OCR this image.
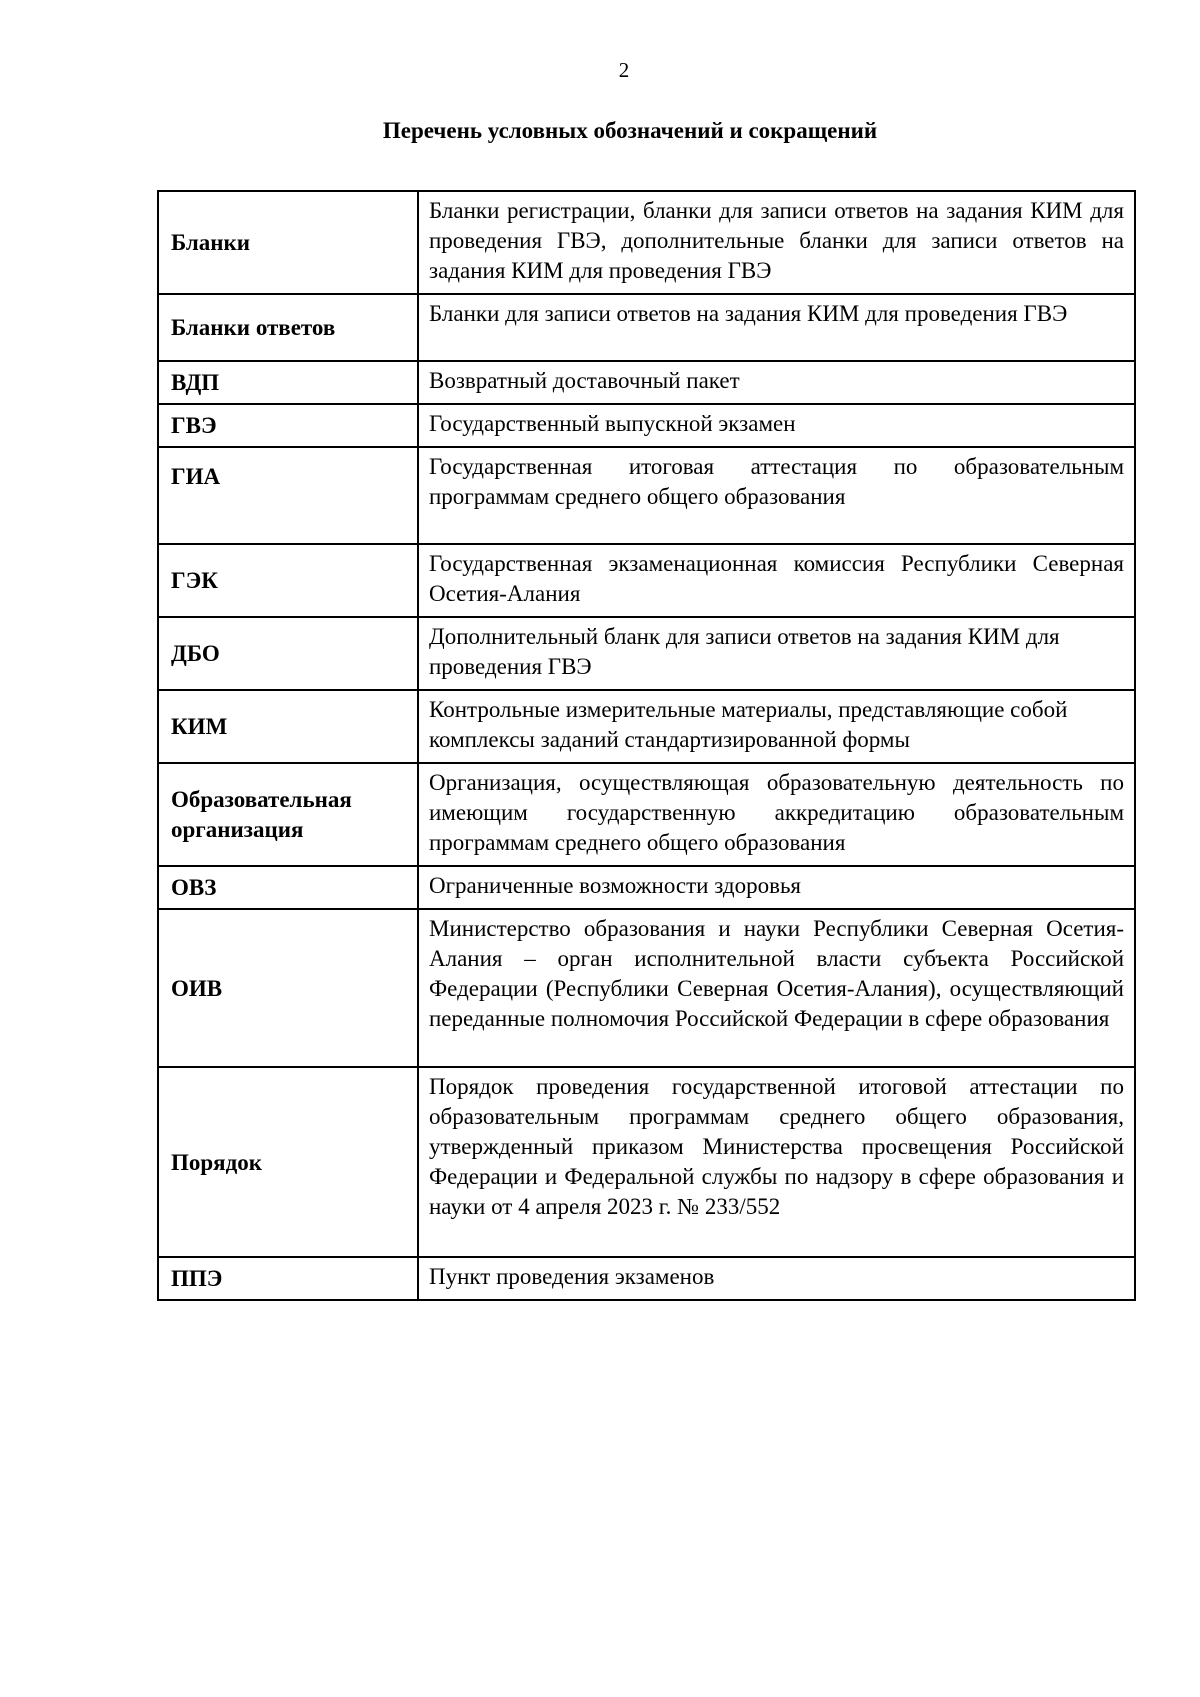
2
Перечень условных обозначений и сокращений
Бланки	Бланки регистрации, бланки для записи ответов на задания КИМ для проведения ГВЭ, дополнительные бланки для записи ответов на задания КИМ для проведения ГВЭ
Бланки ответов	Бланки для записи ответов на задания КИМ для проведения ГВЭ
ВДП	Возвратный доставочный пакет
ГВЭ	Государственный выпускной экзамен
ГИА	Государственная итоговая аттестация по образовательным программам среднего общего образования
ГЭК	Государственная экзаменационная комиссия Республики Северная Осетия-Алания
ДБО	Дополнительный бланк для записи ответов на задания КИМ для проведения ГВЭ
КИМ	Контрольные измерительные материалы, представляющие собой комплексы заданий стандартизированной формы
Образовательная организация	Организация, осуществляющая образовательную деятельность по имеющим государственную аккредитацию образовательным программам среднего общего образования
ОВЗ	Ограниченные возможности здоровья
ОИВ	Министерство образования и науки Республики Северная Осетия-Алания – орган исполнительной власти субъекта Российской Федерации (Республики Северная Осетия-Алания), осуществляющий переданные полномочия Российской Федерации в сфере образования
Порядок	Порядок проведения государственной итоговой аттестации по образовательным программам среднего общего образования, утвержденный приказом Министерства просвещения Российской Федерации и Федеральной службы по надзору в сфере образования и науки от 4 апреля 2023 г. № 233/552
ППЭ	Пункт проведения экзаменов
